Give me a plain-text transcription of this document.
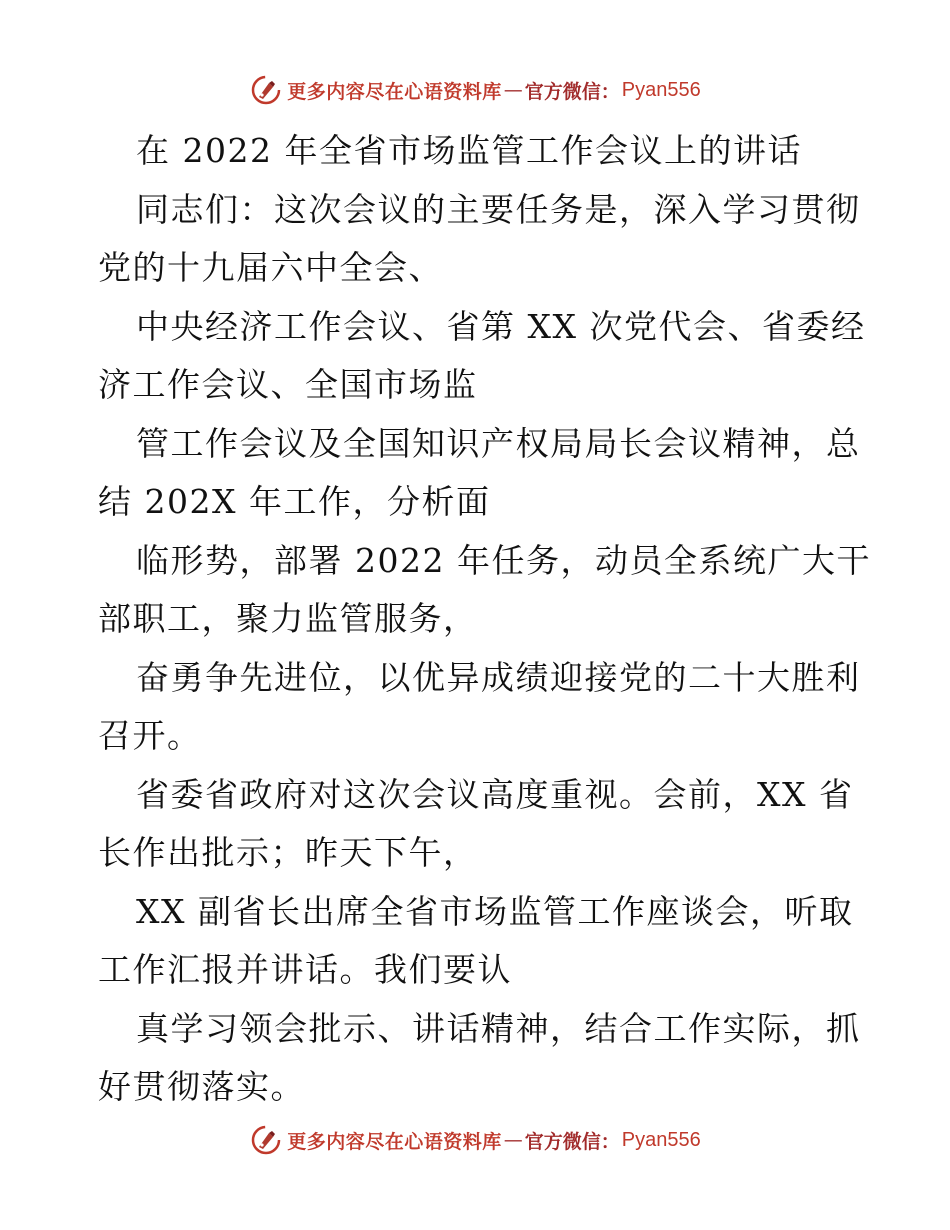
更多内容尽在心语资料库 — 官方微信： Pyan556
在 2022 年全省市场监管工作会议上的讲话
同志们：这次会议的主要任务是，深入学习贯彻
党的十九届六中全会、
中央经济工作会议、省第 XX 次党代会、省委经
济工作会议、全国市场监
管工作会议及全国知识产权局局长会议精神，总
结 202X 年工作，分析面
临形势，部署 2022 年任务，动员全系统广大干
部职工，聚力监管服务，
奋勇争先进位，以优异成绩迎接党的二十大胜利
召开。
省委省政府对这次会议高度重视。会前，XX 省
长作出批示；昨天下午，
XX 副省长出席全省市场监管工作座谈会，听取
工作汇报并讲话。我们要认
真学习领会批示、讲话精神，结合工作实际，抓
好贯彻落实。
更多内容尽在心语资料库 — 官方微信： Pyan556
